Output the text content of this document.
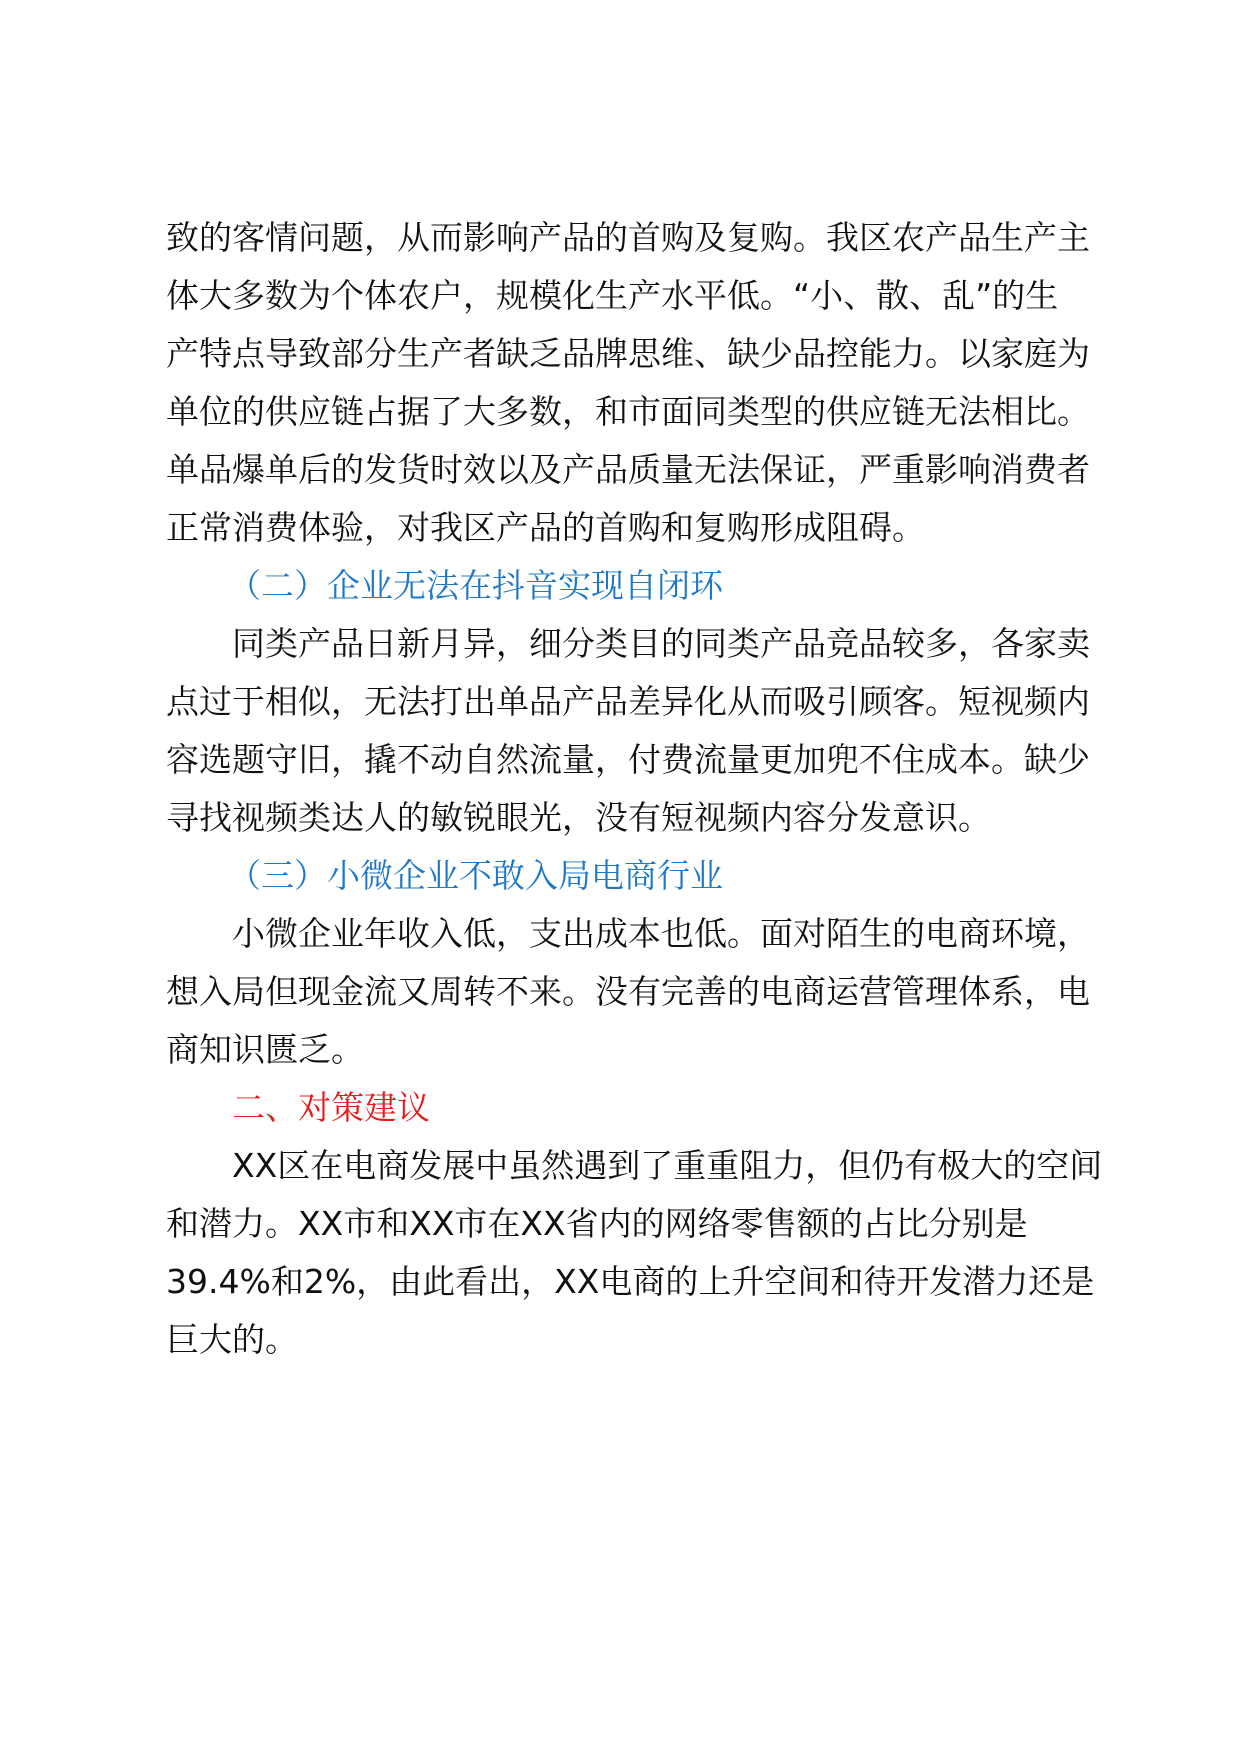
致的客情问题，从而影响产品的首购及复购。我区农产品生产主
体大多数为个体农户，规模化生产水平低。“小、散、乱”的生
产特点导致部分生产者缺乏品牌思维、缺少品控能力。以家庭为
单位的供应链占据了大多数，和市面同类型的供应链无法相比。
单品爆单后的发货时效以及产品质量无法保证，严重影响消费者
正常消费体验，对我区产品的首购和复购形成阻碍。
（二）企业无法在抖音实现自闭环
同类产品日新月异，细分类目的同类产品竞品较多，各家卖
点过于相似，无法打出单品产品差异化从而吸引顾客。短视频内
容选题守旧，撬不动自然流量，付费流量更加兜不住成本。缺少
寻找视频类达人的敏锐眼光，没有短视频内容分发意识。
（三）小微企业不敢入局电商行业
小微企业年收入低，支出成本也低。面对陌生的电商环境，
想入局但现金流又周转不来。没有完善的电商运营管理体系，电
商知识匮乏。
二、对策建议
XX区在电商发展中虽然遇到了重重阻力，但仍有极大的空间
和潜力。XX市和XX市在XX省内的网络零售额的占比分别是
39.4%和2%，由此看出，XX电商的上升空间和待开发潜力还是
巨大的。
